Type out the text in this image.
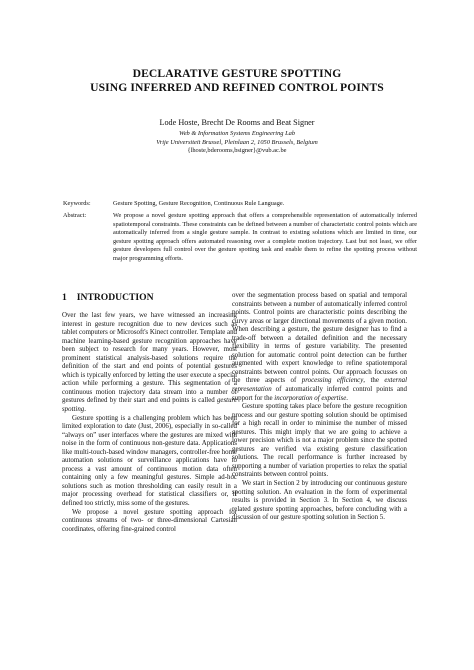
DECLARATIVE GESTURE SPOTTING
USING INFERRED AND REFINED CONTROL POINTS
Lode Hoste, Brecht De Rooms and Beat Signer
Web & Information Systems Engineering Lab
Vrije Universiteit Brussel, Pleinlaan 2, 1050 Brussels, Belgium
{lhoste,bderooms,bsigner}@vub.ac.be
Keywords:	Gesture Spotting, Gesture Recognition, Continuous Rule Language.
Abstract:	We propose a novel gesture spotting approach that offers a comprehensible representation of automatically inferred spatiotemporal constraints. These constraints can be defined between a number of characteristic control points which are automatically inferred from a single gesture sample. In contrast to existing solutions which are limited in time, our gesture spotting approach offers automated reasoning over a complete motion trajectory. Last but not least, we offer gesture developers full control over the gesture spotting task and enable them to refine the spotting process without major programming efforts.
1 INTRODUCTION

Over the last few years, we have witnessed an increasing interest in gesture recognition due to new devices such as tablet computers or Microsoft's Kinect controller. Template and machine learning-based gesture recognition approaches have been subject to research for many years. However, most prominent statistical analysis-based solutions require the definition of the start and end points of potential gestures which is typically enforced by letting the user execute a special action while performing a gesture. This segmentation of a continuous motion trajectory data stream into a number of gestures defined by their start and end points is called gesture spotting.

Gesture spotting is a challenging problem which has been limited exploration to date (Just, 2006), especially in so-called “always on” user interfaces where the gestures are mixed with noise in the form of continuous non-gesture data. Applications like multi-touch-based window managers, controller-free home automation solutions or surveillance applications have to process a vast amount of continuous motion data often containing only a few meaningful gestures. Simple ad-hoc solutions such as motion thresholding can easily result in a major processing overhead for statistical classifiers or, if defined too strictly, miss some of the gestures.

We propose a novel gesture spotting approach for continuous streams of two- or three-dimensional Cartesian coordinates, offering fine-grained control

over the segmentation process based on spatial and temporal constraints between a number of automatically inferred control points. Control points are characteristic points describing the curvy areas or larger directional movements of a given motion. When describing a gesture, the gesture designer has to find a trade-off between a detailed definition and the necessary flexibility in terms of gesture variability. The presented solution for automatic control point detection can be further augmented with expert knowledge to refine spatiotemporal constraints between control points. Our approach focusses on the three aspects of processing efficiency, the external representation of automatically inferred control points and support for the incorporation of expertise.

Gesture spotting takes place before the gesture recognition process and our gesture spotting solution should be optimised for a high recall in order to minimise the number of missed gestures. This might imply that we are going to achieve a lower precision which is not a major problem since the spotted gestures are verified via existing gesture classification solutions. The recall performance is further increased by supporting a number of variation properties to relax the spatial constraints between control points.

We start in Section 2 by introducing our continuous gesture spotting solution. An evaluation in the form of experimental results is provided in Section 3. In Section 4, we discuss related gesture spotting approaches, before concluding with a discussion of our gesture spotting solution in Section 5.
